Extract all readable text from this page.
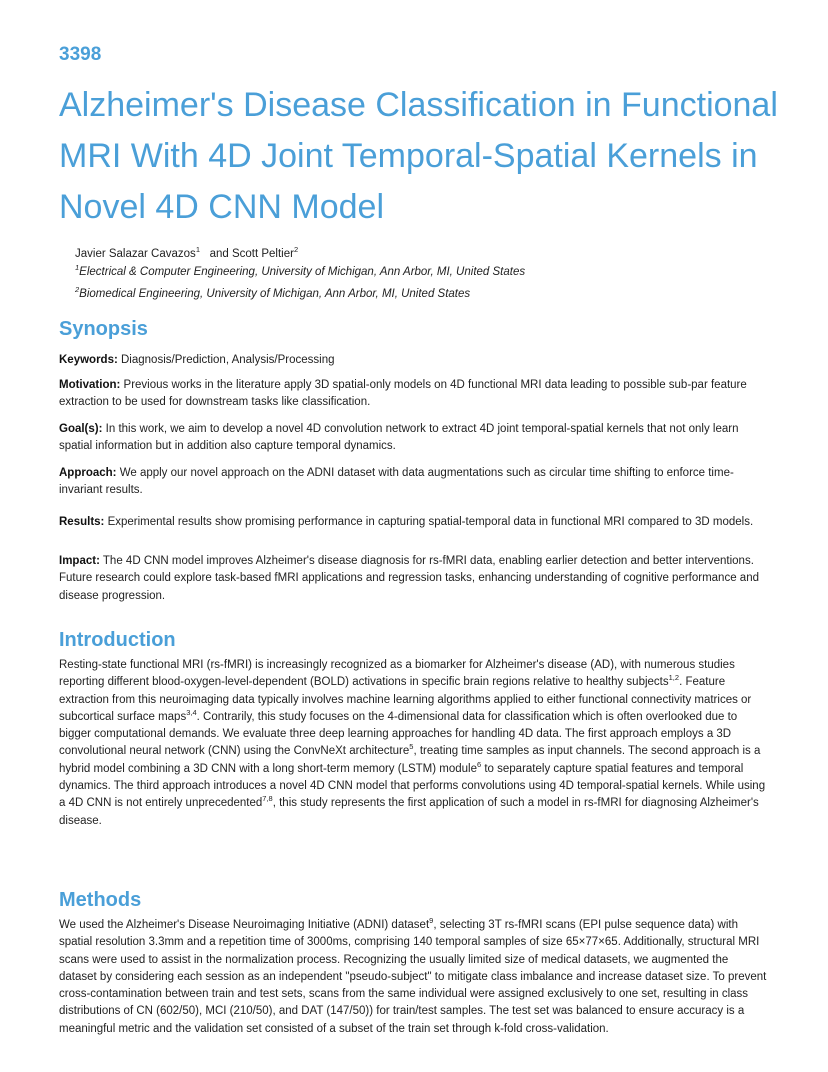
3398
Alzheimer's Disease Classification in Functional MRI With 4D Joint Temporal-Spatial Kernels in Novel 4D CNN Model
Javier Salazar Cavazos$^1$ and Scott Peltier$^2$
$^1$Electrical & Computer Engineering, University of Michigan, Ann Arbor, MI, United States
$^2$Biomedical Engineering, University of Michigan, Ann Arbor, MI, United States
Synopsis

Keywords: Diagnosis/Prediction, Analysis/Processing

Motivation: Previous works in the literature apply 3D spatial-only models on 4D functional MRI data leading to possible sub-par feature extraction to be used for downstream tasks like classification.

Goal(s): In this work, we aim to develop a novel 4D convolution network to extract 4D joint temporal-spatial kernels that not only learn spatial information but in addition also capture temporal dynamics.

Approach: We apply our novel approach on the ADNI dataset with data augmentations such as circular time shifting to enforce time-invariant results.

Results: Experimental results show promising performance in capturing spatial-temporal data in functional MRI compared to 3D models.

Impact: The 4D CNN model improves Alzheimer's disease diagnosis for rs-fMRI data, enabling earlier detection and better interventions. Future research could explore task-based fMRI applications and regression tasks, enhancing understanding of cognitive performance and disease progression.

Introduction

Resting-state functional MRI (rs-fMRI) is increasingly recognized as a biomarker for Alzheimer's disease (AD), with numerous studies reporting different blood-oxygen-level-dependent (BOLD) activations in specific brain regions relative to healthy subjects$^{1,2}$. Feature extraction from this neuroimaging data typically involves machine learning algorithms applied to either functional connectivity matrices or subcortical surface maps$^{3,4}$. Contrarily, this study focuses on the 4-dimensional data for classification which is often overlooked due to bigger computational demands. We evaluate three deep learning approaches for handling 4D data. The first approach employs a 3D convolutional neural network (CNN) using the ConvNeXt architecture$^5$, treating time samples as input channels. The second approach is a hybrid model combining a 3D CNN with a long short-term memory (LSTM) module$^6$ to separately capture spatial features and temporal dynamics. The third approach introduces a novel 4D CNN model that performs convolutions using 4D temporal-spatial kernels. While using a 4D CNN is not entirely unprecedented$^{7,8}$, this study represents the first application of such a model in rs-fMRI for diagnosing Alzheimer's disease.

Methods

We used the Alzheimer's Disease Neuroimaging Initiative (ADNI) dataset$^9$, selecting 3T rs-fMRI scans (EPI pulse sequence data) with spatial resolution 3.3mm and a repetition time of 3000ms, comprising 140 temporal samples of size 65×77×65. Additionally, structural MRI scans were used to assist in the normalization process. Recognizing the usually limited size of medical datasets, we augmented the dataset by considering each session as an independent "pseudo-subject" to mitigate class imbalance and increase dataset size. To prevent cross-contamination between train and test sets, scans from the same individual were assigned exclusively to one set, resulting in class distributions of CN (602/50), MCI (210/50), and DAT (147/50)) for train/test samples. The test set was balanced to ensure accuracy is a meaningful metric and the validation set consisted of a subset of the train set through k-fold cross-validation.
